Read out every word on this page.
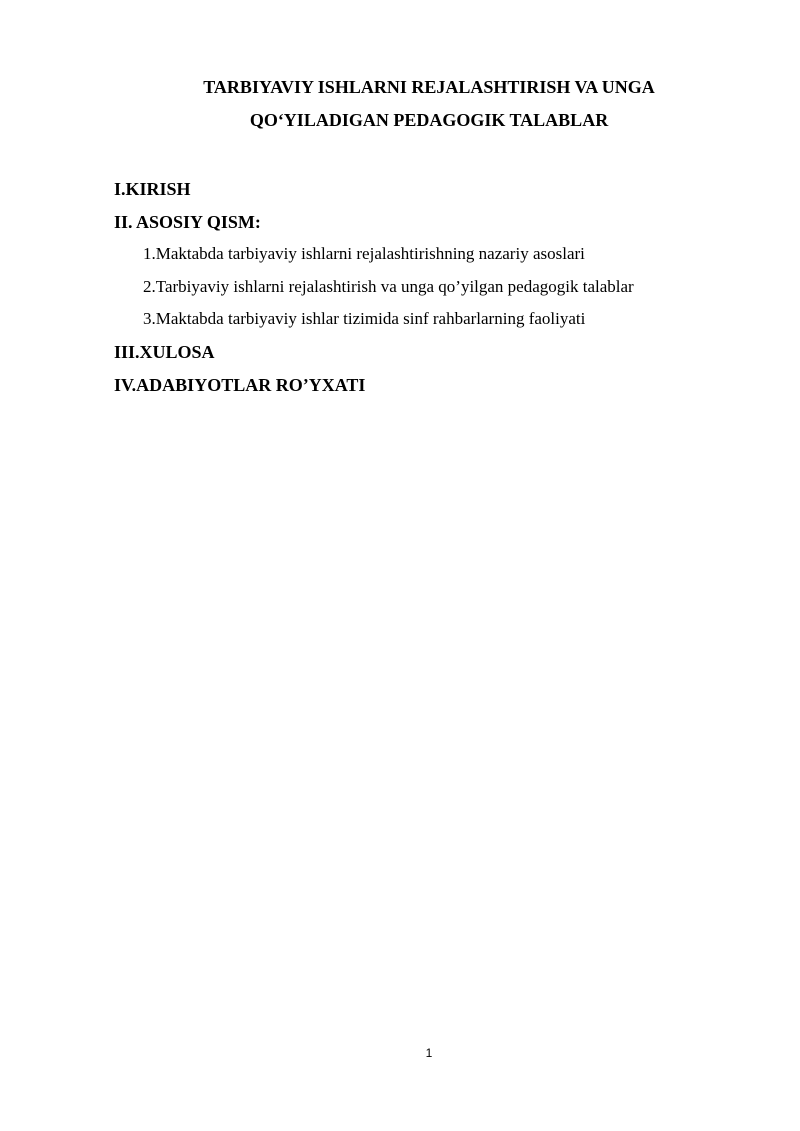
TARBIYAVIY ISHLARNI REJALASHTIRISH VA UNGA
QO‘YILADIGAN PEDAGOGIK TALABLAR
I.KIRISH
II. ASOSIY QISM:
1.Maktabda tarbiyaviy ishlarni rejalashtirishning nazariy asoslari
2.Tarbiyaviy ishlarni rejalashtirish va unga qo’yilgan pedagogik talablar
3.Maktabda tarbiyaviy ishlar tizimida sinf rahbarlarning faoliyati
III.XULOSA
IV.ADABIYOTLAR RO’YXATI
1
